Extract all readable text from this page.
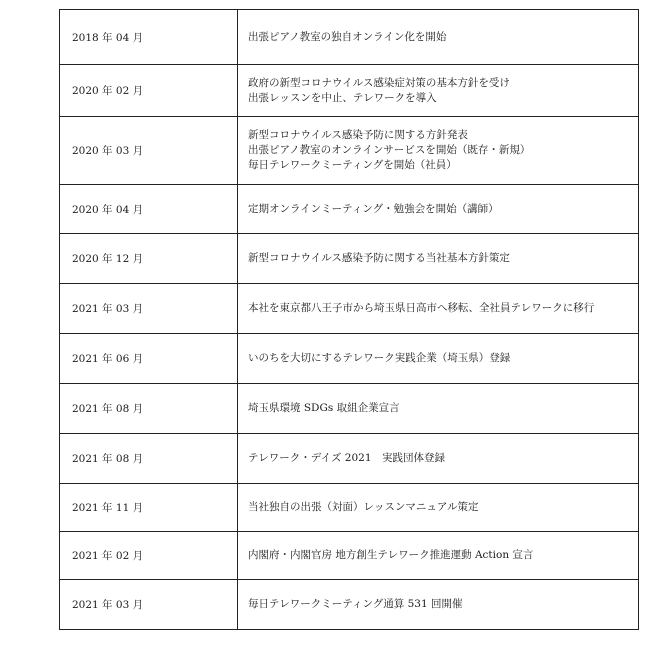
2018 年 04 月	出張ピアノ教室の独自オンライン化を開始

2020 年 02 月	政府の新型コロナウイルス感染症対策の基本方針を受け
出張レッスンを中止、テレワークを導入

2020 年 03 月	新型コロナウイルス感染予防に関する方針発表
出張ピアノ教室のオンラインサービスを開始（既存・新規）
毎日テレワークミーティングを開始（社員）

2020 年 04 月	定期オンラインミーティング・勉強会を開始（講師）

2020 年 12 月	新型コロナウイルス感染予防に関する当社基本方針策定

2021 年 03 月	本社を東京都八王子市から埼玉県日高市へ移転、全社員テレワークに移行

2021 年 06 月	いのちを大切にするテレワーク実践企業（埼玉県）登録

2021 年 08 月	埼玉県環境 SDGs 取組企業宣言

2021 年 08 月	テレワーク・デイズ 2021　実践団体登録

2021 年 11 月	当社独自の出張（対面）レッスンマニュアル策定

2021 年 02 月	内閣府・内閣官房 地方創生テレワーク推進運動 Action 宣言

2021 年 03 月	毎日テレワークミーティング通算 531 回開催
